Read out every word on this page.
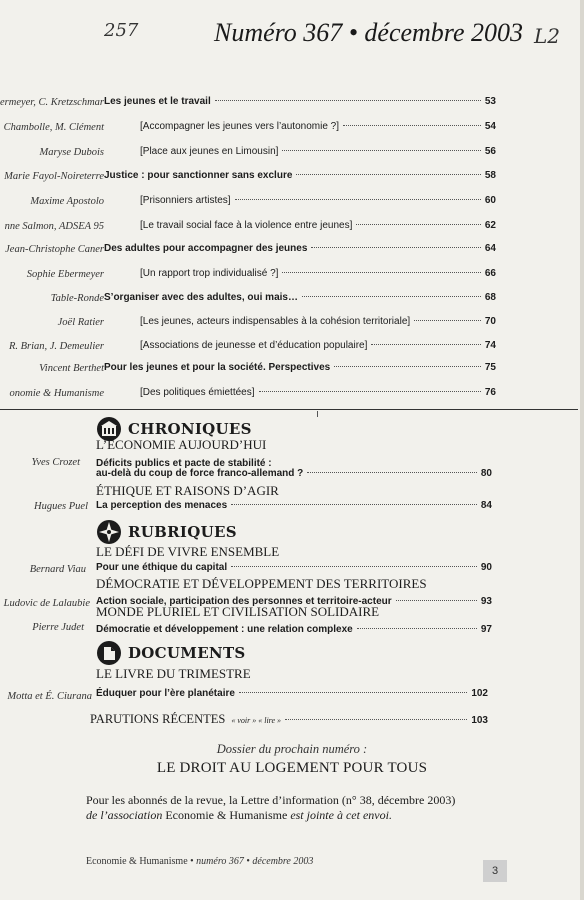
257	Numéro 367 • décembre 2003 L2
ermeyer, C. Kretzschmar Les jeunes et le travail	53
Chambolle, M. Clément	[Accompagner les jeunes vers l’autonomie ?]	54
Maryse Dubois	[Place aux jeunes en Limousin]	56
Marie Fayol-Noireterre Justice : pour sanctionner sans exclure	58
Maxime Apostolo	[Prisonniers artistes]	60
nne Salmon, ADSEA 95	[Le travail social face à la violence entre jeunes]	62
Jean-Christophe Caner Des adultes pour accompagner des jeunes	64
Sophie Ebermeyer	[Un rapport trop individualisé ?]	66
Table-Ronde S’organiser avec des adultes, oui mais…	68
Joël Ratier	[Les jeunes, acteurs indispensables à la cohésion territoriale]	70
R. Brian, J. Demeulier	[Associations de jeunesse et d’éducation populaire]	74
Vincent Berthet Pour les jeunes et pour la société. Perspectives	75
onomie & Humanisme	[Des politiques émiettées]	76
CHRONIQUES
L’ÉCONOMIE AUJOURD’HUI
Yves Crozet Déficits publics et pacte de stabilité :
au-delà du coup de force franco-allemand ?	80
ÉTHIQUE ET RAISONS D’AGIR
Hugues Puel La perception des menaces	84
RUBRIQUES
LE DÉFI DE VIVRE ENSEMBLE
Bernard Viau Pour une éthique du capital	90
DÉMOCRATIE ET DÉVELOPPEMENT DES TERRITOIRES
Ludovic de Lalaubie Action sociale, participation des personnes et territoire-acteur	93
MONDE PLURIEL ET CIVILISATION SOLIDAIRE
Pierre Judet Démocratie et développement : une relation complexe	97
DOCUMENTS
LE LIVRE DU TRIMESTRE
Motta et É. Ciurana Éduquer pour l’ère planétaire	102
PARUTIONS RÉCENTES « voir » « lire »	103
Dossier du prochain numéro :
LE DROIT AU LOGEMENT POUR TOUS
Pour les abonnés de la revue, la Lettre d’information (n° 38, décembre 2003)
de l’association Economie & Humanisme est jointe à cet envoi.
Economie & Humanisme • numéro 367 • décembre 2003
3
